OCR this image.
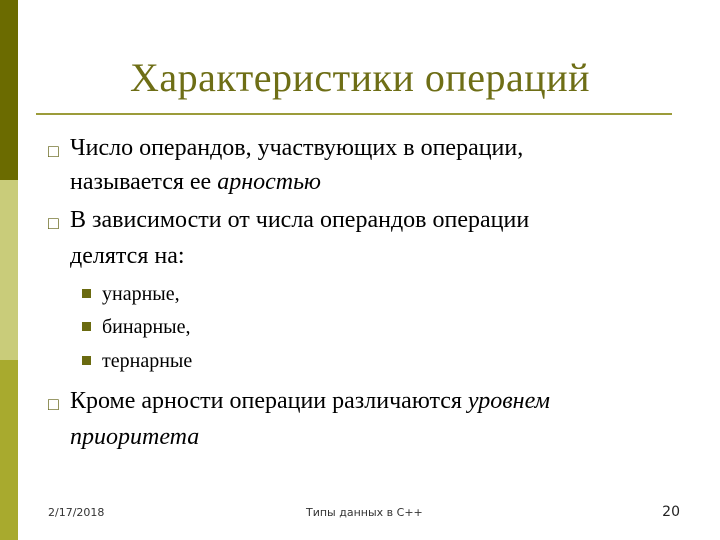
Характеристики операций
□ Число операндов, участвующих в операции,
называется ее арностью
□ В зависимости от числа операндов операции
делятся на:
унарные,
бинарные,
тернарные
□ Кроме арности операции различаются уровнем
приоритета
2/17/2018	Типы данных в С++	20
